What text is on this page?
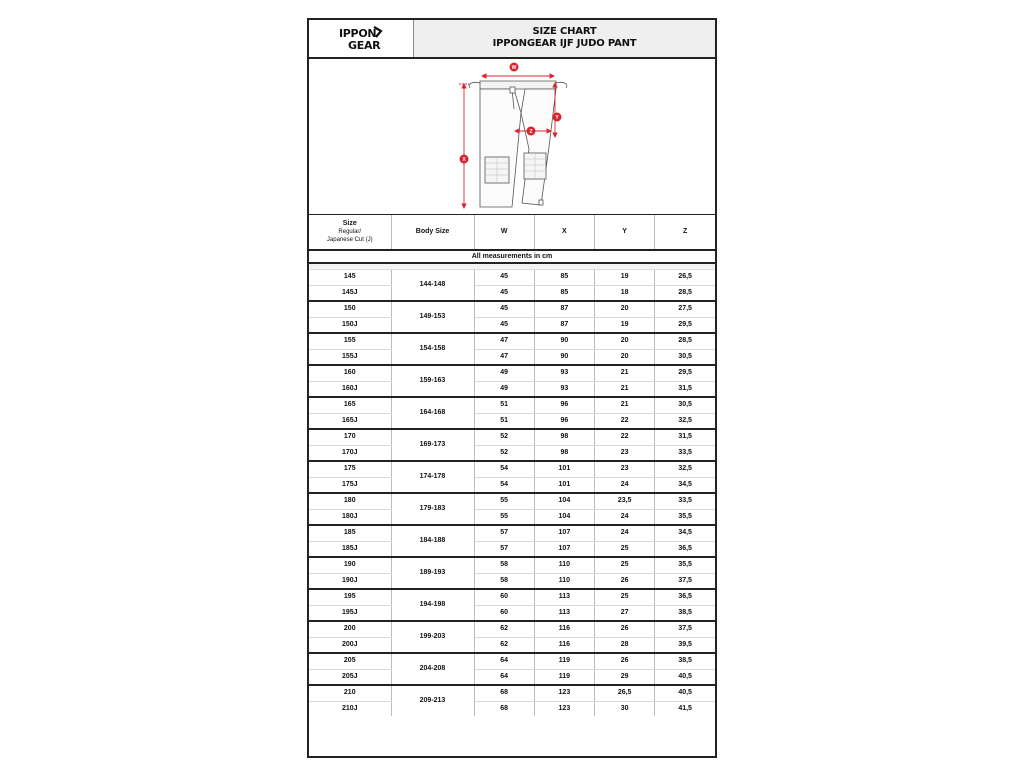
IPPON
GEAR
SIZE CHART
IPPONGEAR IJF JUDO PANT
W
Y
Z
X
Size
Regular/
Japanese Cut (J)	Body Size	W	X	Y	Z
All measurements in cm					

145	144-148	45	85	19	26,5
145J		45	85	18	28,5
150	149-153	45	87	20	27,5
150J		45	87	19	29,5
155	154-158	47	90	20	28,5
155J		47	90	20	30,5
160	159-163	49	93	21	29,5
160J		49	93	21	31,5
165	164-168	51	96	21	30,5
165J		51	96	22	32,5
170	169-173	52	98	22	31,5
170J		52	98	23	33,5
175	174-178	54	101	23	32,5
175J		54	101	24	34,5
180	179-183	55	104	23,5	33,5
180J		55	104	24	35,5
185	184-188	57	107	24	34,5
185J		57	107	25	36,5
190	189-193	58	110	25	35,5
190J		58	110	26	37,5
195	194-198	60	113	25	36,5
195J		60	113	27	38,5
200	199-203	62	116	26	37,5
200J		62	116	28	39,5
205	204-208	64	119	26	38,5
205J		64	119	29	40,5
210	209-213	68	123	26,5	40,5
210J		68	123	30	41,5
